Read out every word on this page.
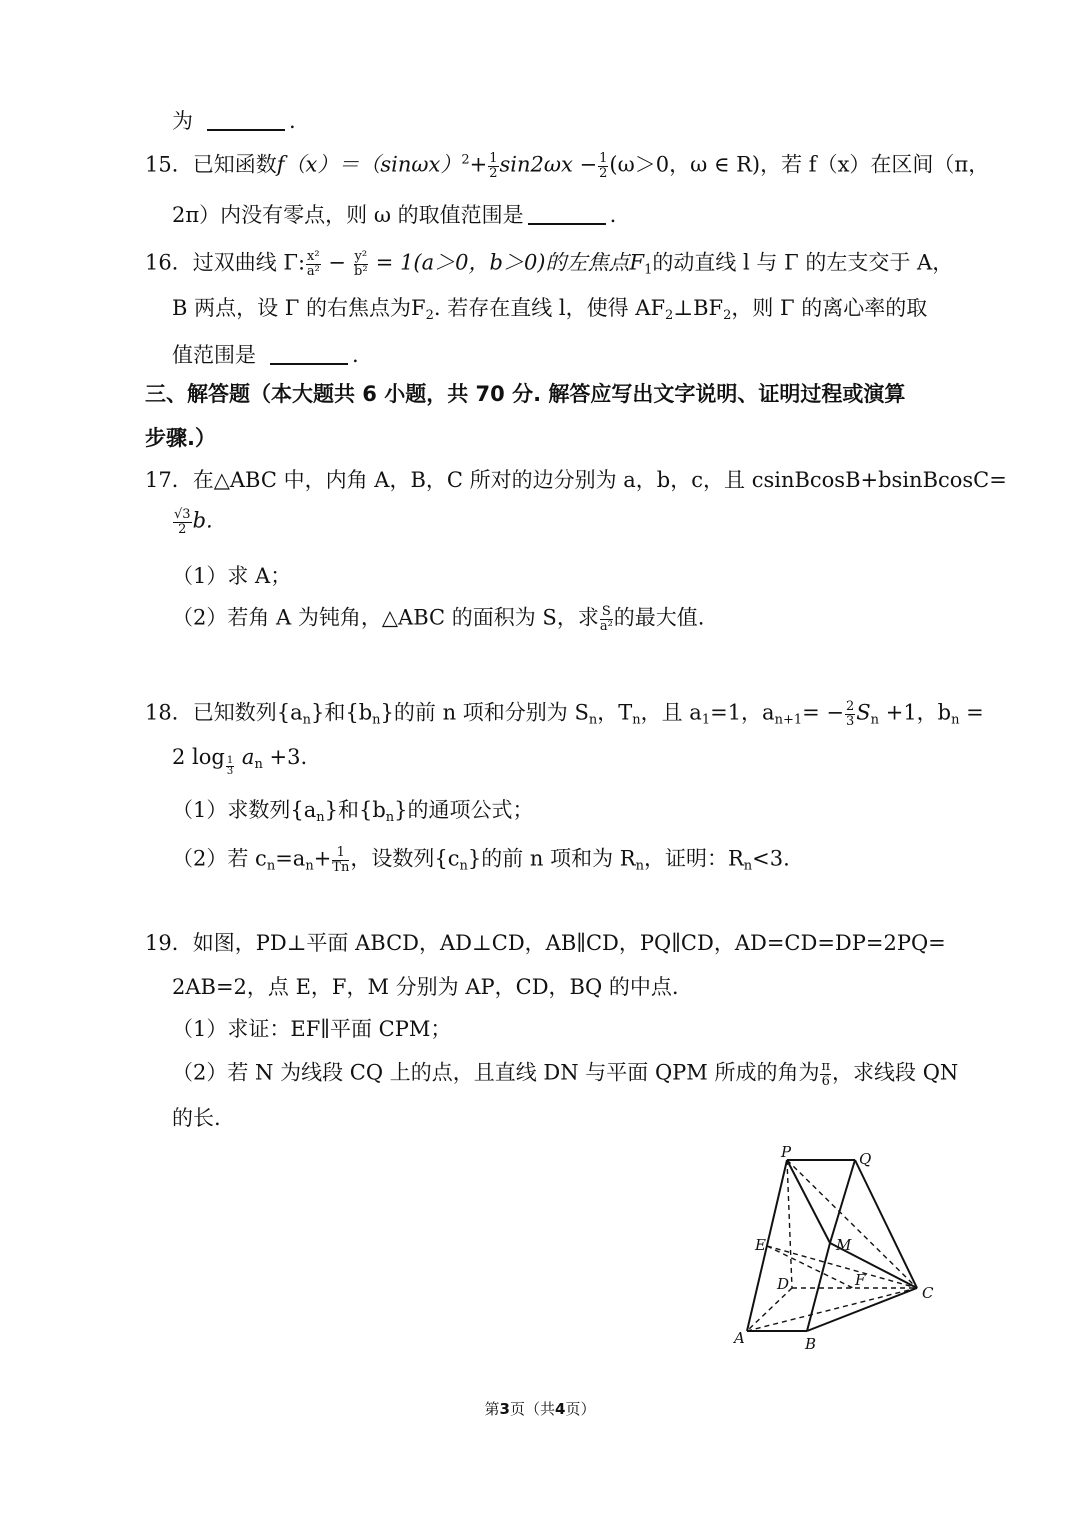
为	.
15．已知函数$f(x)=(\sin\omega x)^2+ \frac{1}{2} \sin 2\omega x - \frac{1}{2} (\omega>0$，ω ∈ R)，若 f（x）在区间（π，
2π）内没有零点，则 ω 的取值范围是	.
16．过双曲线 Γ: $\frac{\text{x²}}{\text{a²}} - \frac{\text{y²}}{\text{b²}} = 1(a>0$，b＞0)的左焦点$F_1$的动直线 l 与 Γ 的左支交于 A，
B 两点，设 Γ 的右焦点为$F_2$. 若存在直线 l，使得 $AF_2\perp BF_2$，则 Γ 的离心率的取
值范围是	.
三、解答题（本大题共 6 小题，共 70 分. 解答应写出文字说明、证明过程或演算
步骤.）
17．在△ABC 中，内角 A，B，C 所对的边分别为 a，b，c，且 csinBcosB+bsinBcosC=
$\frac{√3}{2} b$.
（1）求 A；
（2）若角 A 为钝角，△ABC 的面积为 S，求 $\frac{S}{\text{a²}}$ 的最大值.
18．已知数列$\{a_n\}$和$\{b_n\}$的前 n 项和分别为 $S_n$，$T_n$，且 $a_1=1$，$a_{n+1}= - \frac{2}{3} S_n +1$，$b_n$ =
2 $\log \frac{1}{3} a_n +3$.
（1）求数列$\{a_n\}$和$\{b_n\}$的通项公式；
（2）若 $c_n=a_n+ \frac{1}{Tn}$ ，设数列$\{c_n\}$的前 n 项和为 $R_n$，证明：$R_n<3$.
19．如图，PD⊥平面 ABCD，AD⊥CD，AB∥CD，PQ∥CD，AD=CD=DP=2PQ=
2AB=2，点 E，F，M 分别为 AP，CD，BQ 的中点.
（1）求证：EF∥平面 CPM；
（2）若 N 为线段 CQ 上的点，且直线 DN 与平面 QPM 所成的角为 $\frac{\pi}{6}$ ，求线段 QN
的长.
P	Q
E	M
D	F
C
A	B
第3页（共4页）
